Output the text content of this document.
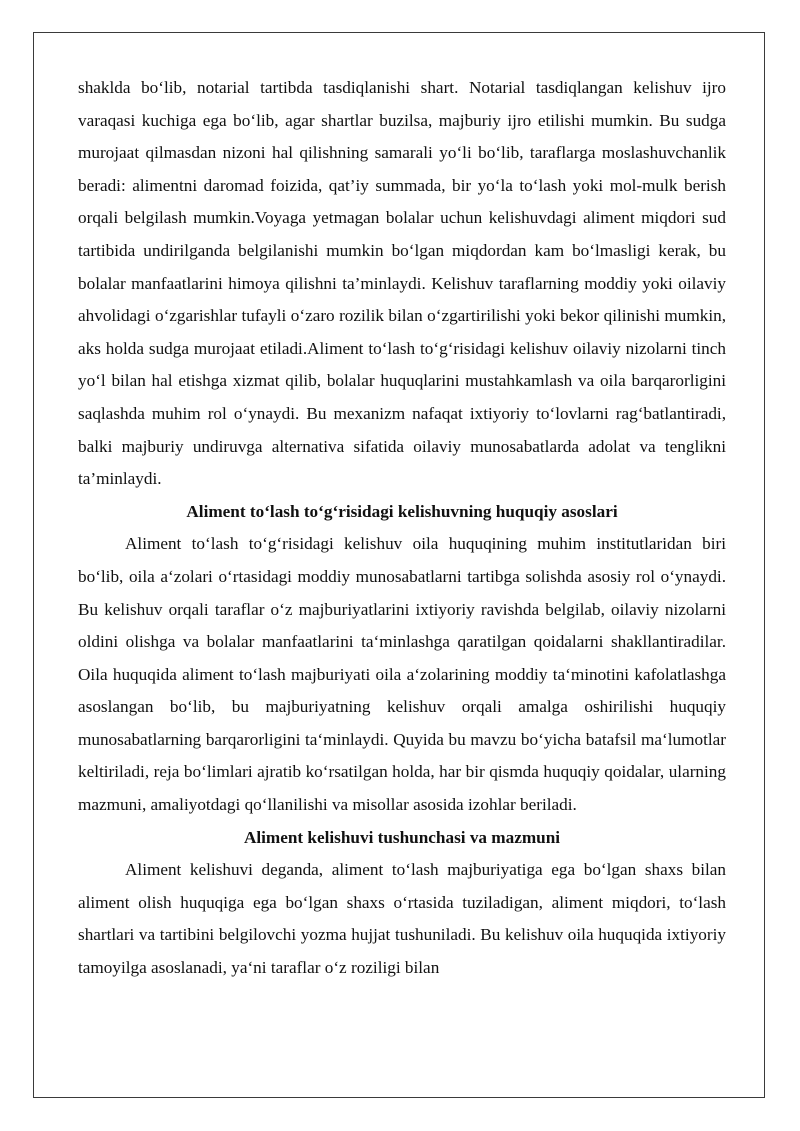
shaklda bo‘lib, notarial tartibda tasdiqlanishi shart. Notarial tasdiqlangan kelishuv ijro varaqasi kuchiga ega bo‘lib, agar shartlar buzilsa, majburiy ijro etilishi mumkin. Bu sudga murojaat qilmasdan nizoni hal qilishning samarali yo‘li bo‘lib, taraflarga moslashuvchanlik beradi: alimentni daromad foizida, qat’iy summada, bir yo‘la to‘lash yoki mol-mulk berish orqali belgilash mumkin.Voyaga yetmagan bolalar uchun kelishuvdagi aliment miqdori sud tartibida undirilganda belgilanishi mumkin bo‘lgan miqdordan kam bo‘lmasligi kerak, bu bolalar manfaatlarini himoya qilishni ta’minlaydi. Kelishuv taraflarning moddiy yoki oilaviy ahvolidagi o‘zgarishlar tufayli o‘zaro rozilik bilan o‘zgartirilishi yoki bekor qilinishi mumkin, aks holda sudga murojaat etiladi.Aliment to‘lash to‘g‘risidagi kelishuv oilaviy nizolarni tinch yo‘l bilan hal etishga xizmat qilib, bolalar huquqlarini mustahkamlash va oila barqarorligini saqlashda muhim rol o‘ynaydi. Bu mexanizm nafaqat ixtiyoriy to‘lovlarni rag‘batlantiradi, balki majburiy undiruvga alternativa sifatida oilaviy munosabatlarda adolat va tenglikni ta’minlaydi.

Aliment to‘lash to‘g‘risidagi kelishuvning huquqiy asoslari

Aliment to‘lash to‘g‘risidagi kelishuv oila huquqining muhim institutlaridan biri bo‘lib, oila a‘zolari o‘rtasidagi moddiy munosabatlarni tartibga solishda asosiy rol o‘ynaydi. Bu kelishuv orqali taraflar o‘z majburiyatlarini ixtiyoriy ravishda belgilab, oilaviy nizolarni oldini olishga va bolalar manfaatlarini ta‘minlashga qaratilgan qoidalarni shakllantiradilar. Oila huquqida aliment to‘lash majburiyati oila a‘zolarining moddiy ta‘minotini kafolatlashga asoslangan bo‘lib, bu majburiyatning kelishuv orqali amalga oshirilishi huquqiy munosabatlarning barqarorligini ta‘minlaydi. Quyida bu mavzu bo‘yicha batafsil ma‘lumotlar keltiriladi, reja bo‘limlari ajratib ko‘rsatilgan holda, har bir qismda huquqiy qoidalar, ularning mazmuni, amaliyotdagi qo‘llanilishi va misollar asosida izohlar beriladi.

Aliment kelishuvi tushunchasi va mazmuni

Aliment kelishuvi deganda, aliment to‘lash majburiyatiga ega bo‘lgan shaxs bilan aliment olish huquqiga ega bo‘lgan shaxs o‘rtasida tuziladigan, aliment miqdori, to‘lash shartlari va tartibini belgilovchi yozma hujjat tushuniladi. Bu kelishuv oila huquqida ixtiyoriy tamoyilga asoslanadi, ya‘ni taraflar o‘z roziligi bilan
